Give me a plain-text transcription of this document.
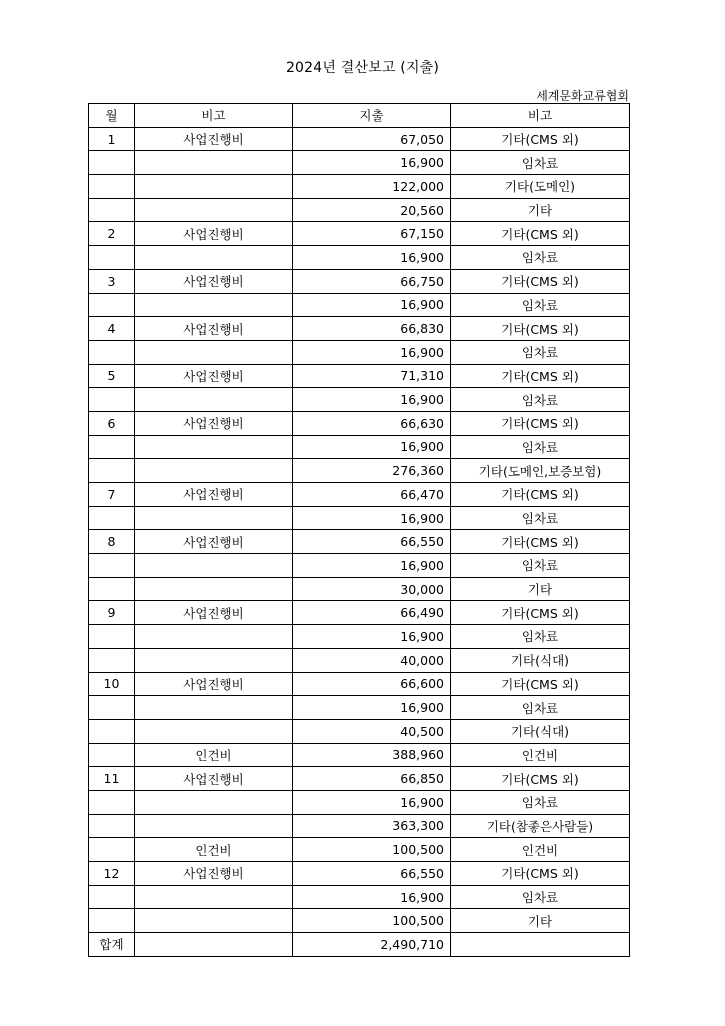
2024년 결산보고 (지출)
세계문화교류협회
월	비고	지출	비고
1	사업진행비	67,050	기타(CMS 외)
		16,900	임차료
		122,000	기타(도메인)
		20,560	기타
2	사업진행비	67,150	기타(CMS 외)
		16,900	임차료
3	사업진행비	66,750	기타(CMS 외)
		16,900	임차료
4	사업진행비	66,830	기타(CMS 외)
		16,900	임차료
5	사업진행비	71,310	기타(CMS 외)
		16,900	임차료
6	사업진행비	66,630	기타(CMS 외)
		16,900	임차료
		276,360	기타(도메인,보증보험)
7	사업진행비	66,470	기타(CMS 외)
		16,900	임차료
8	사업진행비	66,550	기타(CMS 외)
		16,900	임차료
		30,000	기타
9	사업진행비	66,490	기타(CMS 외)
		16,900	임차료
		40,000	기타(식대)
10	사업진행비	66,600	기타(CMS 외)
		16,900	임차료
		40,500	기타(식대)
	인건비	388,960	인건비
11	사업진행비	66,850	기타(CMS 외)
		16,900	임차료
		363,300	기타(참좋은사람들)
	인건비	100,500	인건비
12	사업진행비	66,550	기타(CMS 외)
		16,900	임차료
		100,500	기타
합계		2,490,710	
